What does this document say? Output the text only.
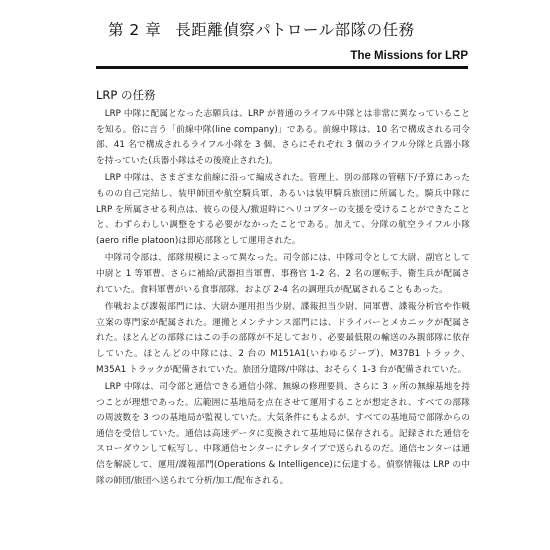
第 2 章 長距離偵察パトロール部隊の任務
The Missions for LRP
LRP の任務

LRP 中隊に配属となった志願兵は、LRP が普通のライフル中隊とは非常に異なっていることを知る。俗に言う「前線中隊(line company)」である。前線中隊は、10 名で構成される司令部、41 名で構成されるライフル小隊を 3 個、さらにそれぞれ 3 個のライフル分隊と兵器小隊を持っていた(兵器小隊はその後廃止された)。

LRP 中隊は、さまざまな前線に沿って編成された。管理上、別の部隊の管轄下/予算にあったものの自己完結し、装甲師団や航空騎兵軍、あるいは装甲騎兵旅団に所属した。騎兵中隊に LRP を所属させる利点は、彼らの侵入/撤退時にヘリコプターの支援を受けることができたことと、わずらわしい調整をする必要がなかったことである。加えて、分隊の航空ライフル小隊(aero rifle platoon)は即応部隊として運用された。

中隊司令部は、部隊規模によって異なった。司令部には、中隊司令として大尉、副官として中尉と 1 等軍曹、さらに補給/武器担当軍曹、事務官 1-2 名、2 名の運転手、衛生兵が配属されていた。食料軍曹がいる食事部隊、および 2-4 名の調理兵が配属されることもあった。

作戦および諜報部門には、大尉か運用担当少尉、諜報担当少尉、同軍曹、諜報分析官や作戦立案の専門家が配属された。運搬とメンテナンス部門には、ドライバーとメカニックが配属された。ほとんどの部隊にはこの手の部隊が不足しており、必要最低限の輸送のみ親部隊に依存していた。ほとんどの中隊には、2 台の M151A1(いわゆるジープ)、M37B1 トラック、M35A1 トラックが配備されていた。旅団分遣隊/中隊は、おそらく 1-3 台が配備されていた。

LRP 中隊は、司令部と通信できる通信小隊、無線の修理要員、さらに 3 ヶ所の無線基地を持つことが理想であった。広範囲に基地局を点在させて運用することが想定され、すべての部隊の周波数を 3 つの基地局が監視していた。大気条件にもよるが、すべての基地局で部隊からの通信を受信していた。通信は高速データに変換されて基地局に保存される。記録された通信をスローダウンして転写し、中隊通信センターにテレタイプで送られるのだ。通信センターは通信を解読して、運用/諜報部門(Operations & Intelligence)に伝達する。偵察情報は LRP の中隊の師団/旅団へ送られて分析/加工/配布される。
